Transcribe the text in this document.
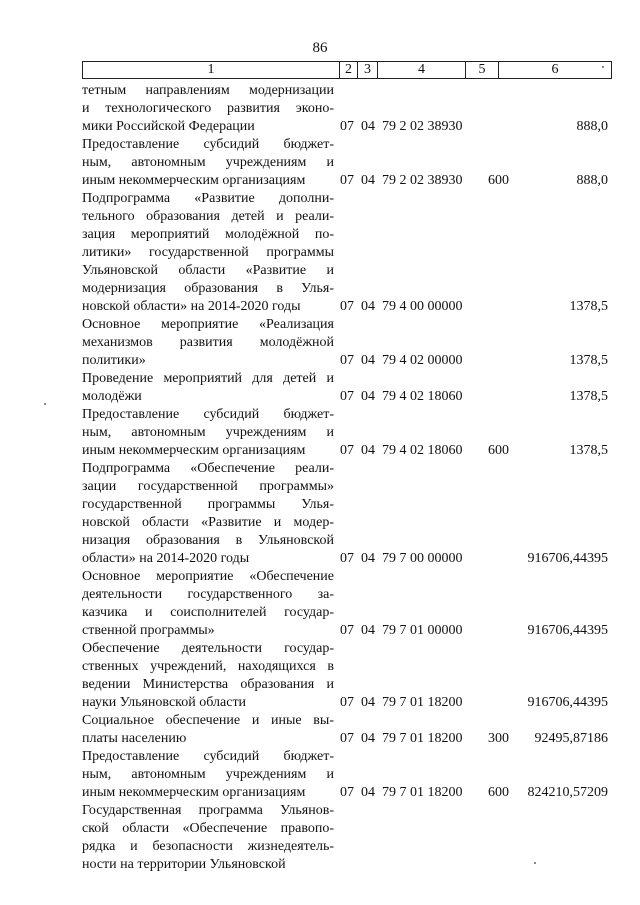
86
1	2 3	4	5	6
тетным направлениям модернизации
и технологического развития эконо-
мики Российской Федерации	07 04 79 2 02 38930	888,0
Предоставление субсидий бюджет-
ным, автономным учреждениям и
иным некоммерческим организациям	07 04 79 2 02 38930	600	888,0
Подпрограмма «Развитие дополни-
тельного образования детей и реали-
зация мероприятий молодёжной по-
литики» государственной программы
Ульяновской области «Развитие и
модернизация образования в Улья-
новской области» на 2014-2020 годы	07 04 79 4 00 00000	1378,5
Основное мероприятие «Реализация
механизмов развития молодёжной
политики»	07 04 79 4 02 00000	1378,5
Проведение мероприятий для детей и
молодёжи	07 04 79 4 02 18060	1378,5
Предоставление субсидий бюджет-
ным, автономным учреждениям и
иным некоммерческим организациям	07 04 79 4 02 18060	600	1378,5
Подпрограмма «Обеспечение реали-
зации государственной программы»
государственной программы Улья-
новской области «Развитие и модер-
низация образования в Ульяновской
области» на 2014-2020 годы	07 04 79 7 00 00000	916706,44395
Основное мероприятие «Обеспечение
деятельности государственного за-
казчика и соисполнителей государ-
ственной программы»	07 04 79 7 01 00000	916706,44395
Обеспечение деятельности государ-
ственных учреждений, находящихся в
ведении Министерства образования и
науки Ульяновской области	07 04 79 7 01 18200	916706,44395
Социальное обеспечение и иные вы-
платы населению	07 04 79 7 01 18200	300	92495,87186
Предоставление субсидий бюджет-
ным, автономным учреждениям и
иным некоммерческим организациям	07 04 79 7 01 18200	600	824210,57209
Государственная программа Ульянов-
ской области «Обеспечение правопо-
рядка и безопасности жизнедеятель-
ности на территории Ульяновской
